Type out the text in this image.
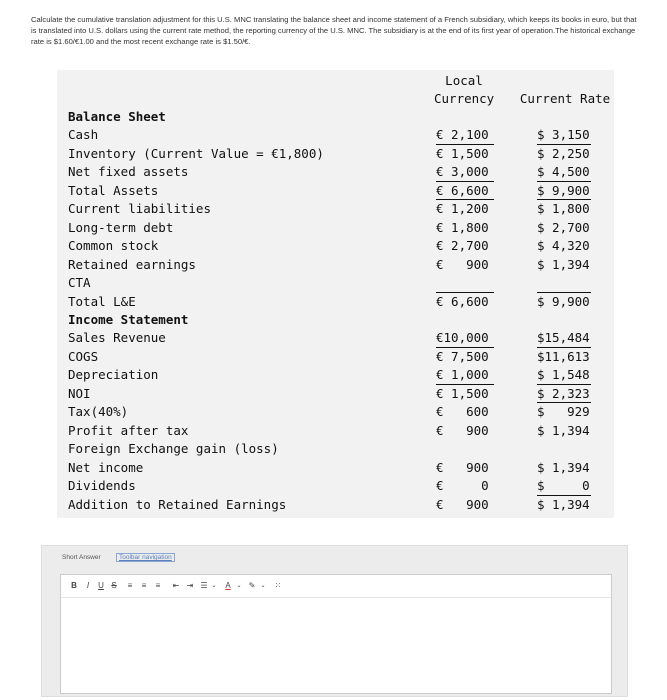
Calculate the cumulative translation adjustment for this U.S. MNC translating the balance sheet and income statement of a French subsidiary, which keeps its books in euro, but that is translated into U.S. dollars using the current rate method, the reporting currency of the U.S. MNC. The subsidiary is at the end of its first year of operation.The historical exchange rate is $1.60/€1.00 and the most recent exchange rate is $1.50/€.
Local
Currency	Current Rate
Balance Sheet
Cash	€ 2,100	$ 3,150
Inventory (Current Value = €1,800)	€ 1,500	$ 2,250
Net fixed assets	€ 3,000	$ 4,500
Total Assets	€ 6,600	$ 9,900
Current liabilities	€ 1,200	$ 1,800
Long-term debt	€ 1,800	$ 2,700
Common stock	€ 2,700	$ 4,320
Retained earnings	€   900	$ 1,394
CTA
Total L&E	€ 6,600	$ 9,900
Income Statement
Sales Revenue	€10,000	$15,484
COGS	€ 7,500	$11,613
Depreciation	€ 1,000	$ 1,548
NOI	€ 1,500	$ 2,323
Tax(40%)	€   600	$   929
Profit after tax	€   900	$ 1,394
Foreign Exchange gain (loss)
Net income	€   900	$ 1,394
Dividends	€     0	$     0
Addition to Retained Earnings	€   900	$ 1,394
Short Answer	Toolbar navigation
B	I	U S	≡	≡	≡	⇤ ⇥ ☰ ⌄ A ⌄ ✎ ⌄ ⁙
